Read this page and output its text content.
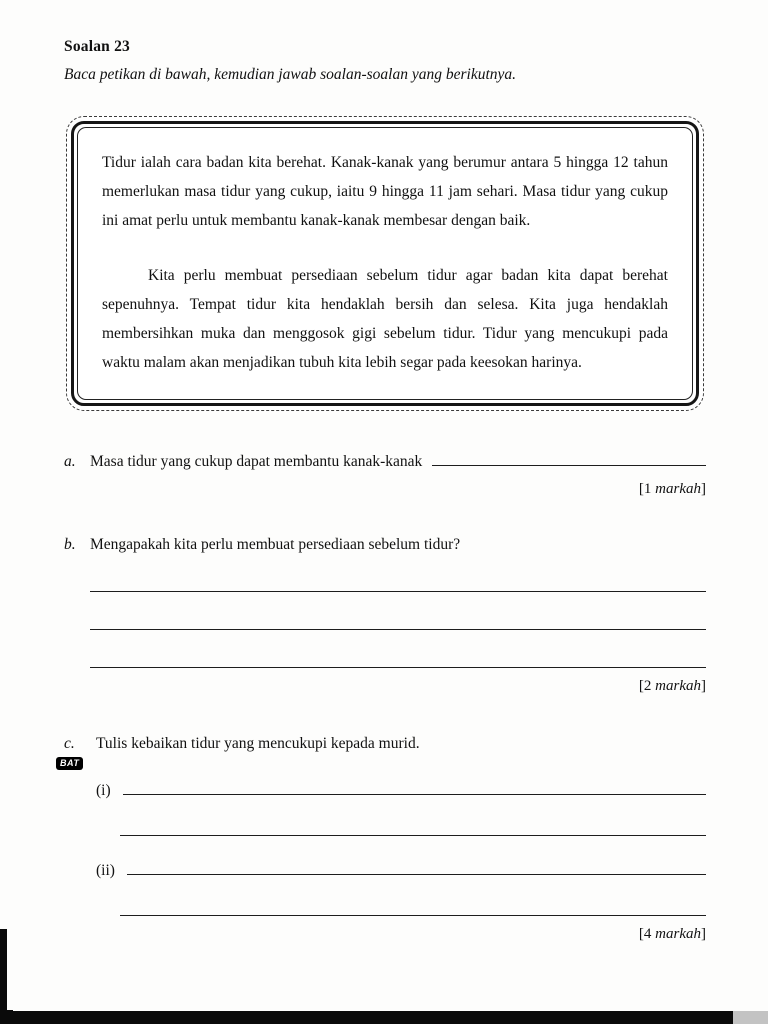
Soalan 23
Baca petikan di bawah, kemudian jawab soalan-soalan yang berikutnya.

Tidur ialah cara badan kita berehat. Kanak-kanak yang berumur antara 5 hingga 12 tahun memerlukan masa tidur yang cukup, iaitu 9 hingga 11 jam sehari. Masa tidur yang cukup ini amat perlu untuk membantu kanak-kanak membesar dengan baik.

Kita perlu membuat persediaan sebelum tidur agar badan kita dapat berehat sepenuhnya. Tempat tidur kita hendaklah bersih dan selesa. Kita juga hendaklah membersihkan muka dan menggosok gigi sebelum tidur. Tidur yang mencukupi pada waktu malam akan menjadikan tubuh kita lebih segar pada keesokan harinya.

a. Masa tidur yang cukup dapat membantu kanak-kanak
[1 markah]
b. Mengapakah kita perlu membuat persediaan sebelum tidur?
[2 markah]
c.	Tulis kebaikan tidur yang mencukupi kepada murid.
BAT
(i)
(ii)
[4 markah]
